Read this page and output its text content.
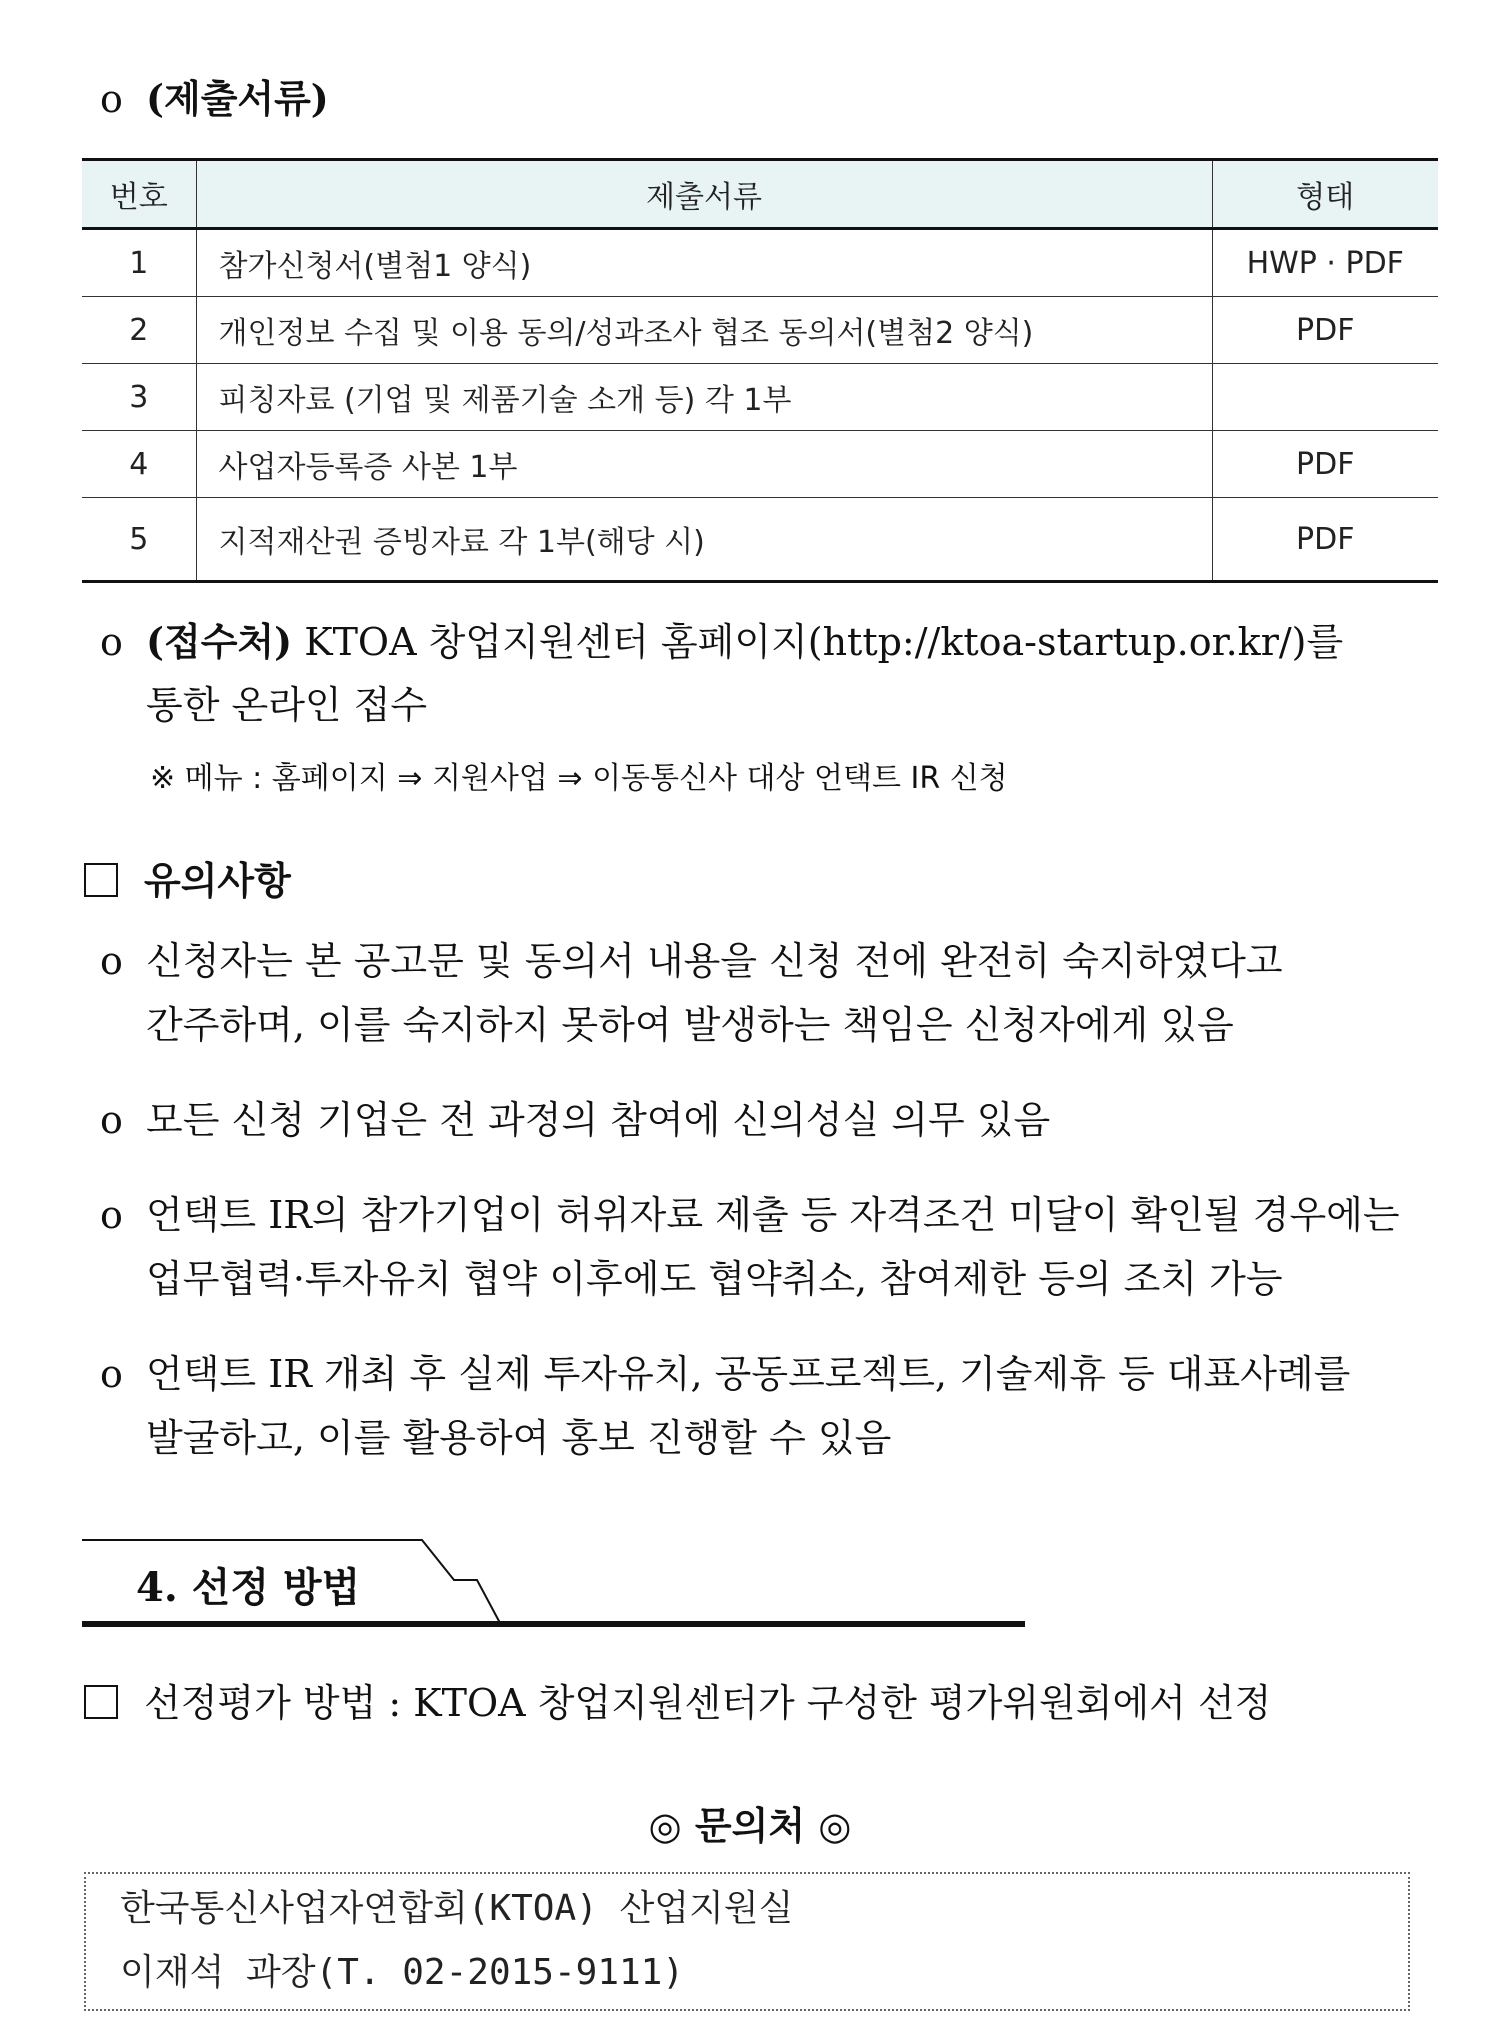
o (제출서류)
번호	제출서류	형태
1	참가신청서(별첨1 양식)	HWP · PDF
2	개인정보 수집 및 이용 동의/성과조사 협조 동의서(별첨2 양식)	PDF
3	피칭자료 (기업 및 제품기술 소개 등) 각 1부	
4	사업자등록증 사본 1부	PDF
5	지적재산권 증빙자료 각 1부(해당 시)	PDF
o (접수처) KTOA 창업지원센터 홈페이지(http://ktoa-startup.or.kr/)를
통한 온라인 접수
※ 메뉴 : 홈페이지 ⇒ 지원사업 ⇒ 이동통신사 대상 언택트 IR 신청
유의사항
o 신청자는 본 공고문 및 동의서 내용을 신청 전에 완전히 숙지하였다고
간주하며, 이를 숙지하지 못하여 발생하는 책임은 신청자에게 있음
o 모든 신청 기업은 전 과정의 참여에 신의성실 의무 있음
o 언택트 IR의 참가기업이 허위자료 제출 등 자격조건 미달이 확인될 경우에는
업무협력·투자유치 협약 이후에도 협약취소, 참여제한 등의 조치 가능
o 언택트 IR 개최 후 실제 투자유치, 공동프로젝트, 기술제휴 등 대표사례를
발굴하고, 이를 활용하여 홍보 진행할 수 있음
4. 선정 방법
선정평가 방법 : KTOA 창업지원센터가 구성한 평가위원회에서 선정
◎ 문의처 ◎
한국통신사업자연합회(KTOA) 산업지원실
이재석 과장(T. 02-2015-9111)
